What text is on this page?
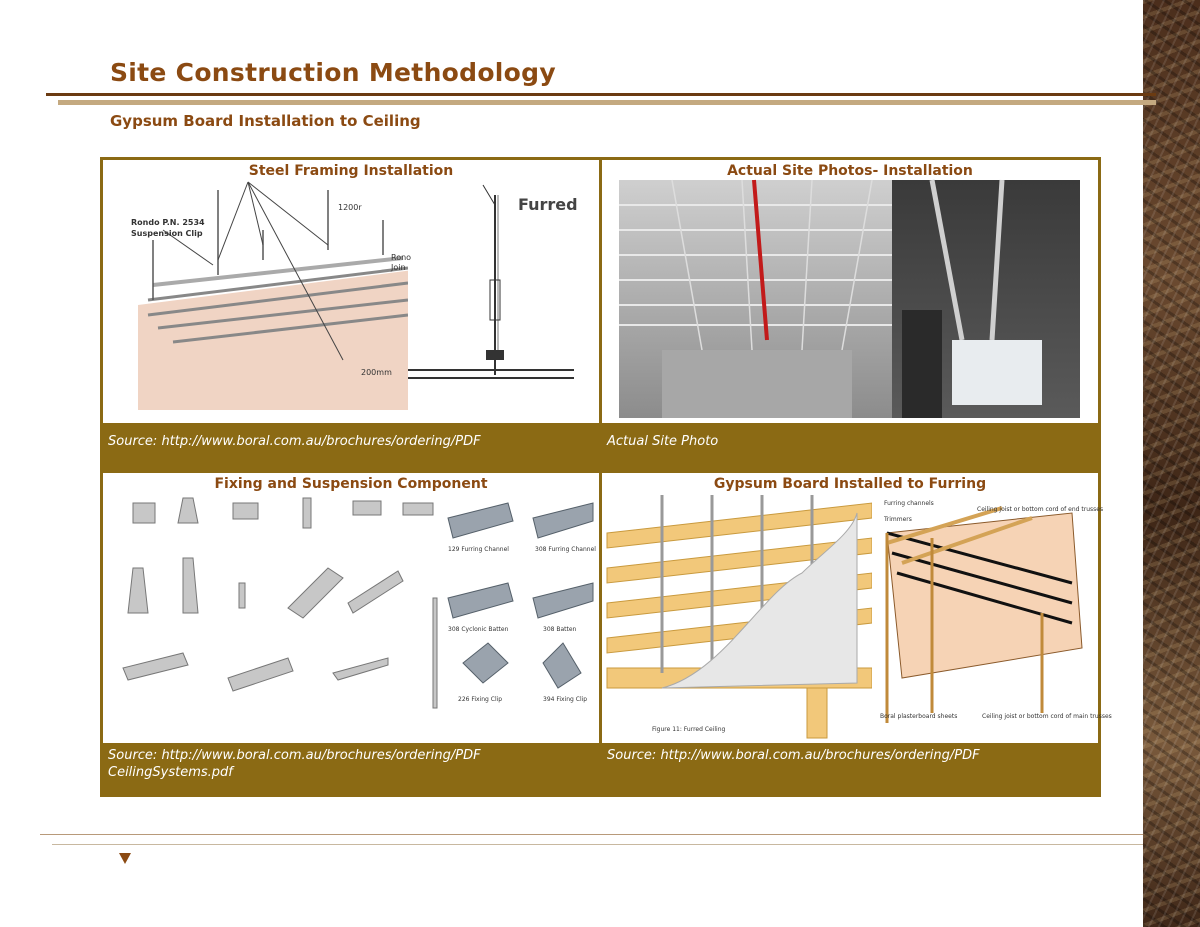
Site Construction Methodology
Gypsum Board Installation to Ceiling
Steel Framing Installation
1200r
Rondo P.N. 2534
Suspension Clip
200mm
Furred
Rono
Join
Actual Site Photos- Installation
Source: http://www.boral.com.au/brochures/ordering/PDF	Actual Site Photo
Fixing and Suspension Component
129 Furring Channel	308 Furring Channel
308 Cyclonic Batten	308 Batten
226 Fixing Clip	394 Fixing Clip
Gypsum Board Installed to Furring
Figure 11: Furred Ceiling
Furring channels
Trimmers
Ceiling joist or bottom cord of end trusses
Boral plasterboard sheets	Ceiling joist or bottom cord of main trusses
Source: http://www.boral.com.au/brochures/ordering/PDF
CeilingSystems.pdf
Source: http://www.boral.com.au/brochures/ordering/PDF
